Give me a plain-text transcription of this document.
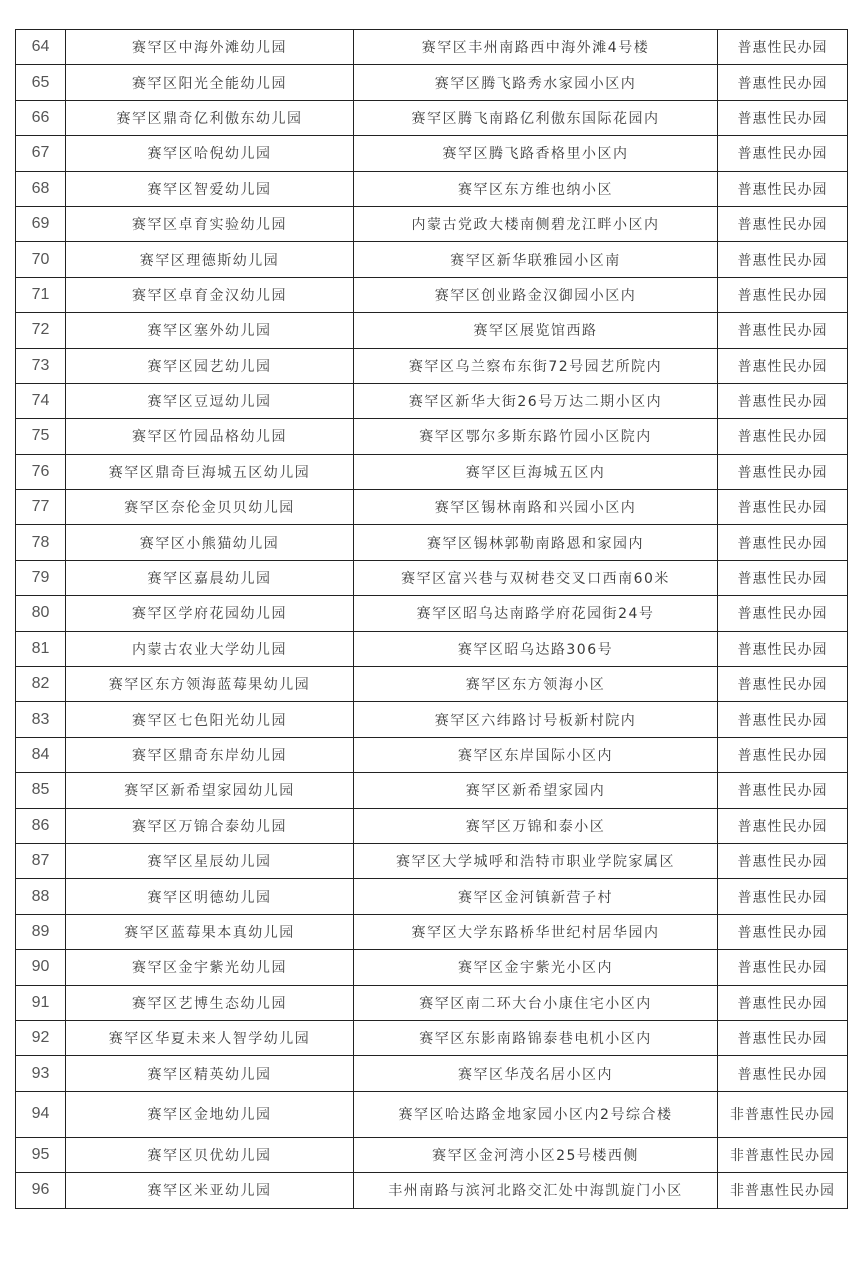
64	赛罕区中海外滩幼儿园	赛罕区丰州南路西中海外滩4号楼	普惠性民办园
65	赛罕区阳光全能幼儿园	赛罕区腾飞路秀水家园小区内	普惠性民办园
66	赛罕区鼎奇亿利傲东幼儿园	赛罕区腾飞南路亿利傲东国际花园内	普惠性民办园
67	赛罕区哈倪幼儿园	赛罕区腾飞路香格里小区内	普惠性民办园
68	赛罕区智爱幼儿园	赛罕区东方维也纳小区	普惠性民办园
69	赛罕区卓育实验幼儿园	内蒙古党政大楼南侧碧龙江畔小区内	普惠性民办园
70	赛罕区理德斯幼儿园	赛罕区新华联雅园小区南	普惠性民办园
71	赛罕区卓育金汉幼儿园	赛罕区创业路金汉御园小区内	普惠性民办园
72	赛罕区塞外幼儿园	赛罕区展览馆西路	普惠性民办园
73	赛罕区园艺幼儿园	赛罕区乌兰察布东街72号园艺所院内	普惠性民办园
74	赛罕区豆逗幼儿园	赛罕区新华大街26号万达二期小区内	普惠性民办园
75	赛罕区竹园品格幼儿园	赛罕区鄂尔多斯东路竹园小区院内	普惠性民办园
76	赛罕区鼎奇巨海城五区幼儿园	赛罕区巨海城五区内	普惠性民办园
77	赛罕区奈伦金贝贝幼儿园	赛罕区锡林南路和兴园小区内	普惠性民办园
78	赛罕区小熊猫幼儿园	赛罕区锡林郭勒南路恩和家园内	普惠性民办园
79	赛罕区嘉晨幼儿园	赛罕区富兴巷与双树巷交叉口西南60米	普惠性民办园
80	赛罕区学府花园幼儿园	赛罕区昭乌达南路学府花园街24号	普惠性民办园
81	内蒙古农业大学幼儿园	赛罕区昭乌达路306号	普惠性民办园
82	赛罕区东方领海蓝莓果幼儿园	赛罕区东方领海小区	普惠性民办园
83	赛罕区七色阳光幼儿园	赛罕区六纬路讨号板新村院内	普惠性民办园
84	赛罕区鼎奇东岸幼儿园	赛罕区东岸国际小区内	普惠性民办园
85	赛罕区新希望家园幼儿园	赛罕区新希望家园内	普惠性民办园
86	赛罕区万锦合泰幼儿园	赛罕区万锦和泰小区	普惠性民办园
87	赛罕区星辰幼儿园	赛罕区大学城呼和浩特市职业学院家属区	普惠性民办园
88	赛罕区明德幼儿园	赛罕区金河镇新营子村	普惠性民办园
89	赛罕区蓝莓果本真幼儿园	赛罕区大学东路桥华世纪村居华园内	普惠性民办园
90	赛罕区金宇紫光幼儿园	赛罕区金宇紫光小区内	普惠性民办园
91	赛罕区艺博生态幼儿园	赛罕区南二环大台小康住宅小区内	普惠性民办园
92	赛罕区华夏未来人智学幼儿园	赛罕区东影南路锦泰巷电机小区内	普惠性民办园
93	赛罕区精英幼儿园	赛罕区华茂名居小区内	普惠性民办园
94	赛罕区金地幼儿园	赛罕区哈达路金地家园小区内2号综合楼	非普惠性民办园
95	赛罕区贝优幼儿园	赛罕区金河湾小区25号楼西侧	非普惠性民办园
96	赛罕区米亚幼儿园	丰州南路与滨河北路交汇处中海凯旋门小区	非普惠性民办园
